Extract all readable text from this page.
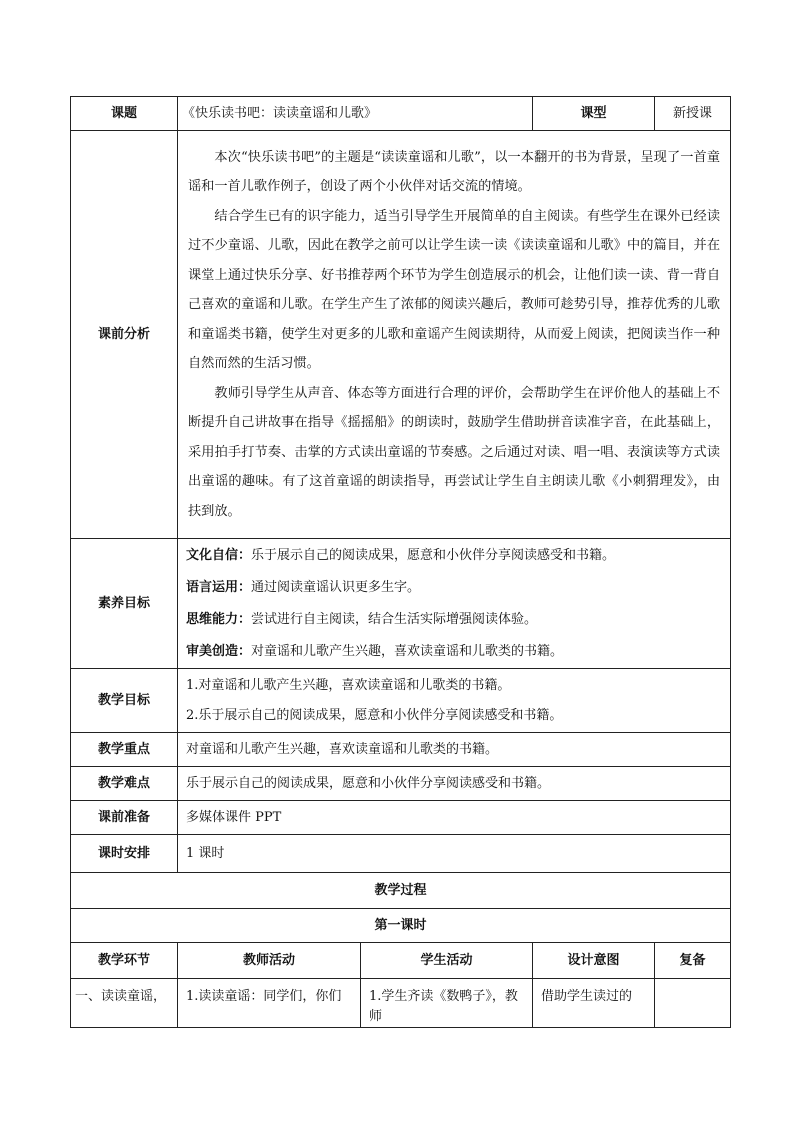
课题	《快乐读书吧：读读童谣和儿歌》		课型	新授课
课前分析	本次“快乐读书吧”的主题是“读读童谣和儿歌”，以一本翻开的书为背景，呈现了一首童谣和一首儿歌作例子，创设了两个小伙伴对话交流的情境。

结合学生已有的识字能力，适当引导学生开展简单的自主阅读。有些学生在课外已经读过不少童谣、儿歌，因此在教学之前可以让学生读一读《读读童谣和儿歌》中的篇目，并在课堂上通过快乐分享、好书推荐两个环节为学生创造展示的机会，让他们读一读、背一背自己喜欢的童谣和儿歌。在学生产生了浓郁的阅读兴趣后，教师可趁势引导，推荐优秀的儿歌和童谣类书籍，使学生对更多的儿歌和童谣产生阅读期待，从而爱上阅读，把阅读当作一种自然而然的生活习惯。

教师引导学生从声音、体态等方面进行合理的评价，会帮助学生在评价他人的基础上不断提升自己讲故事在指导《摇摇船》的朗读时，鼓励学生借助拼音读准字音，在此基础上，采用拍手打节奏、击掌的方式读出童谣的节奏感。之后通过对读、唱一唱、表演读等方式读出童谣的趣味。有了这首童谣的朗读指导，再尝试让学生自主朗读儿歌《小刺猬理发》，由扶到放。			

素养目标	文化自信：乐于展示自己的阅读成果，愿意和小伙伴分享阅读感受和书籍。

语言运用：通过阅读童谣认识更多生字。

思维能力：尝试进行自主阅读，结合生活实际增强阅读体验。

审美创造：对童谣和儿歌产生兴趣，喜欢读童谣和儿歌类的书籍。			

教学目标	1.对童谣和儿歌产生兴趣，喜欢读童谣和儿歌类的书籍。

2.乐于展示自己的阅读成果，愿意和小伙伴分享阅读感受和书籍。			

教学重点	对童谣和儿歌产生兴趣，喜欢读童谣和儿歌类的书籍。			
教学难点	乐于展示自己的阅读成果，愿意和小伙伴分享阅读感受和书籍。			
课前准备	多媒体课件 PPT			
课时安排	1 课时			
教学过程				
第一课时				
教学环节	教师活动	学生活动	设计意图	复备
一、读读童谣，	1.读读童谣：同学们，你们	1.学生齐读《数鸭子》，教师	借助学生读过的	
